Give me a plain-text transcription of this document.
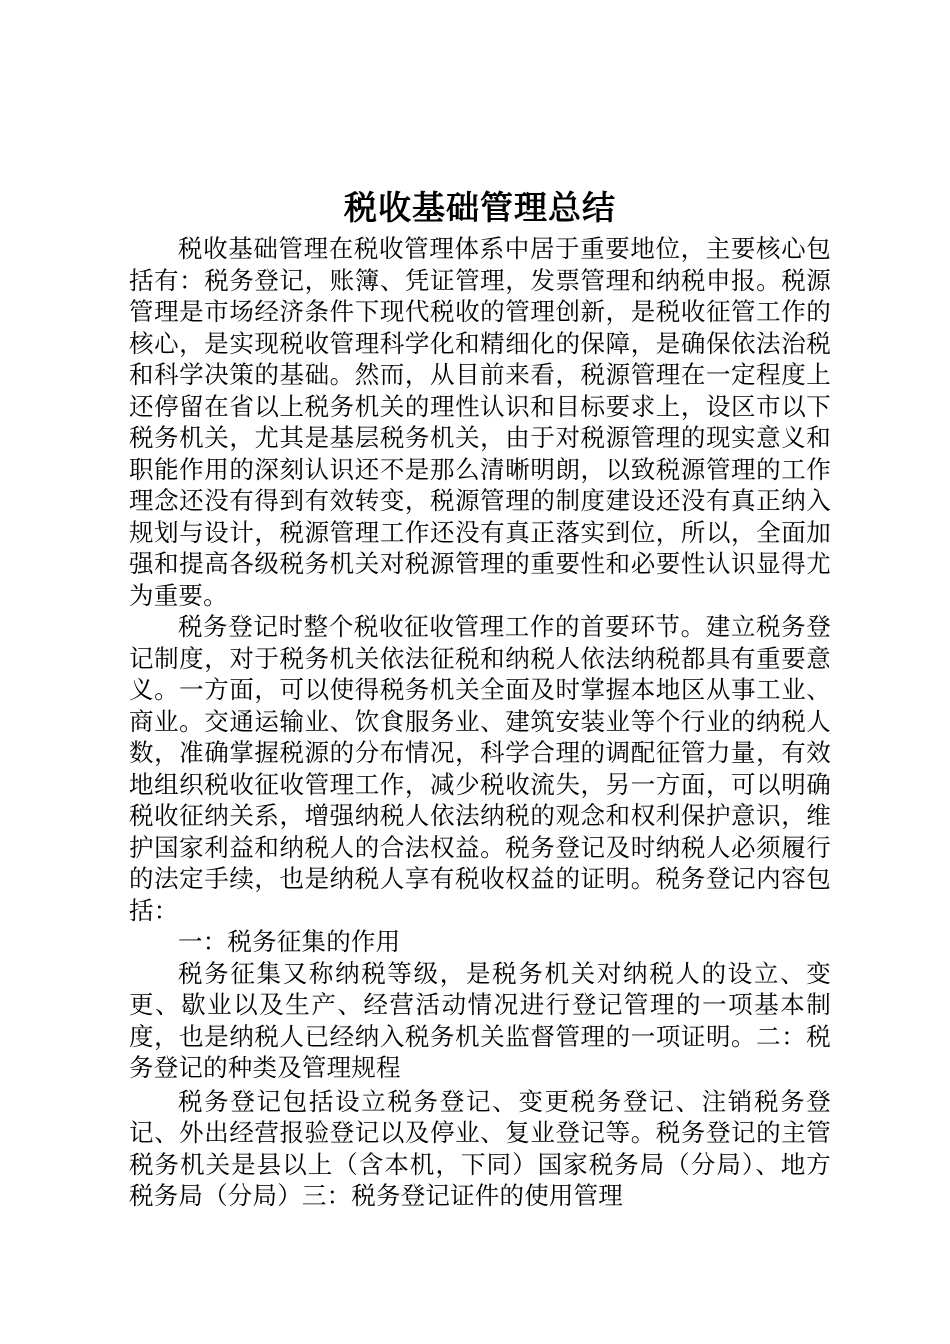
税收基础管理总结

税收基础管理在税收管理体系中居于重要地位，主要核心包括有：税务登记，账簿、凭证管理，发票管理和纳税申报。税源管理是市场经济条件下现代税收的管理创新，是税收征管工作的核心，是实现税收管理科学化和精细化的保障，是确保依法治税和科学决策的基础。然而，从目前来看，税源管理在一定程度上还停留在省以上税务机关的理性认识和目标要求上，设区市以下税务机关，尤其是基层税务机关，由于对税源管理的现实意义和职能作用的深刻认识还不是那么清晰明朗，以致税源管理的工作理念还没有得到有效转变，税源管理的制度建设还没有真正纳入规划与设计，税源管理工作还没有真正落实到位，所以，全面加强和提高各级税务机关对税源管理的重要性和必要性认识显得尤为重要。

税务登记时整个税收征收管理工作的首要环节。建立税务登记制度，对于税务机关依法征税和纳税人依法纳税都具有重要意义。一方面，可以使得税务机关全面及时掌握本地区从事工业、商业。交通运输业、饮食服务业、建筑安装业等个行业的纳税人数，准确掌握税源的分布情况，科学合理的调配征管力量，有效地组织税收征收管理工作，减少税收流失，另一方面，可以明确税收征纳关系，增强纳税人依法纳税的观念和权利保护意识，维护国家利益和纳税人的合法权益。税务登记及时纳税人必须履行的法定手续，也是纳税人享有税收权益的证明。税务登记内容包括：

一：税务征集的作用

税务征集又称纳税等级，是税务机关对纳税人的设立、变更、歇业以及生产、经营活动情况进行登记管理的一项基本制度，也是纳税人已经纳入税务机关监督管理的一项证明。二：税务登记的种类及管理规程

税务登记包括设立税务登记、变更税务登记、注销税务登记、外出经营报验登记以及停业、复业登记等。税务登记的主管税务机关是县以上（含本机，下同）国家税务局（分局）、地方税务局（分局）三：税务登记证件的使用管理
